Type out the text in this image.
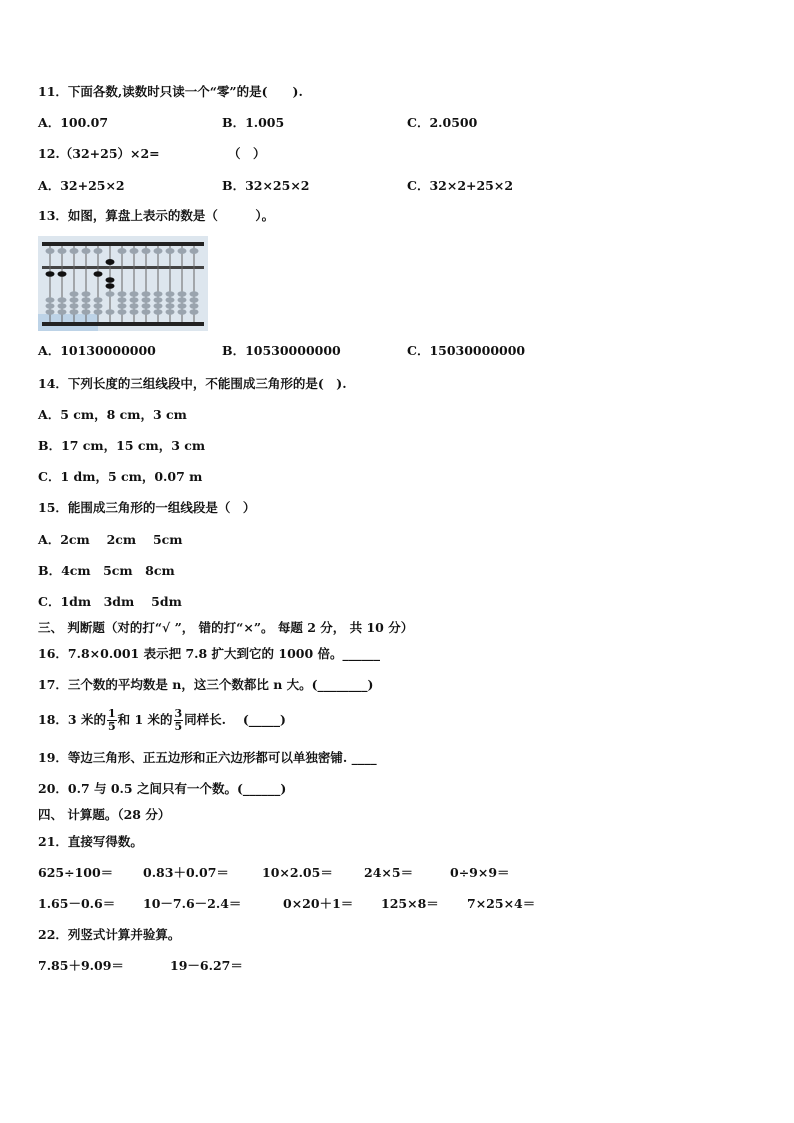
11．下面各数,读数时只读一个“零”的是(　　).
A．100.07	B．1.005	C．2.0500
12.（32+25）×2=	（　）
A．32+25×2	B．32×25×2	C．32×2+25×2
13．如图，算盘上表示的数是（　　　）。
A．10130000000	B．10530000000	C．15030000000
14．下列长度的三组线段中，不能围成三角形的是(　).
A．5 cm，8 cm，3 cm
B．17 cm，15 cm，3 cm
C．1 dm，5 cm，0.07 m
15．能围成三角形的一组线段是（　）
A．2cm　 2cm　 5cm
B．4cm　5cm　8cm
C．1dm　3dm　 5dm
三、 判断题（对的打“√ ”， 错的打“×”。 每题 2 分， 共 10 分）
16．7.8×0.001 表示把 7.8 扩大到它的 1000 倍。______
17．三个数的平均数是 n，这三个数都比 n 大。(________)
18．3 米的 $\frac{1}{5}$ 和 1 米的 $\frac{3}{5}$ 同样长.　 (_____)
19．等边三角形、正五边形和正六边形都可以单独密铺. ____
20．0.7 与 0.5 之间只有一个数。(______)
四、 计算题。（28 分）
21．直接写得数。
625÷100＝ 0.83＋0.07＝	10×2.05＝ 24×5＝	0÷9×9＝
1.65－0.6＝ 10－7.6－2.4＝	0×20＋1＝ 125×8＝ 7×25×4＝
22．列竖式计算并验算。
7.85＋9.09＝	19－6.27＝
